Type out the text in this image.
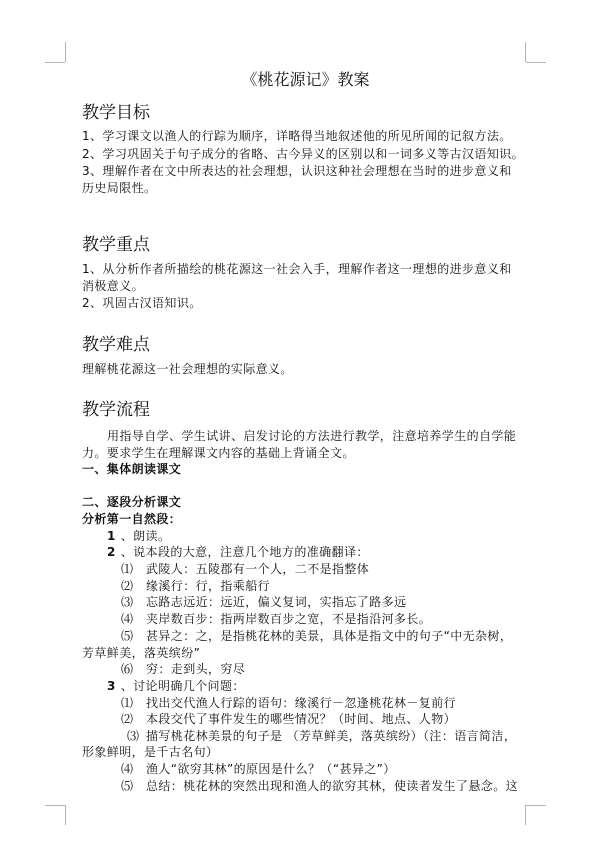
《桃花源记》教案
教学目标
1、学习课文以渔人的行踪为顺序，详略得当地叙述他的所见所闻的记叙方法。
2、学习巩固关于句子成分的省略、古今异义的区别以和一词多义等古汉语知识。
3、理解作者在文中所表达的社会理想，认识这种社会理想在当时的进步意义和
历史局限性。
教学重点
1、从分析作者所描绘的桃花源这一社会入手，理解作者这一理想的进步意义和
消极意义。
2、巩固古汉语知识。
教学难点
理解桃花源这一社会理想的实际意义。
教学流程
用指导自学、学生试讲、启发讨论的方法进行教学，注意培养学生的自学能
力。要求学生在理解课文内容的基础上背诵全文。
一、集体朗读课文
二、逐段分析课文
分析第一自然段：
1 、朗读。
2 、说本段的大意，注意几个地方的准确翻译：
⑴ 武陵人：五陵郡有一个人，二不是指整体
⑵ 缘溪行：行，指乘船行
⑶ 忘路志远近：远近，偏义复词，实指忘了路多远
⑷ 夹岸数百步：指两岸数百步之宽，不是指沿河多长。
⑸ 甚异之：之，是指桃花林的美景，具体是指文中的句子“中无杂树，
芳草鲜美，落英缤纷”
⑹ 穷：走到头，穷尽
3 、讨论明确几个问题：
⑴ 找出交代渔人行踪的语句：缘溪行－忽逢桃花林－复前行
⑵ 本段交代了事件发生的哪些情况？（时间、地点、人物）
⑶ 描写桃花林美景的句子是 （芳草鲜美，落英缤纷）（注：语言简洁，
形象鲜明，是千古名句）
⑷ 渔人“欲穷其林”的原因是什么？（“甚异之”）
⑸ 总结：桃花林的突然出现和渔人的欲穷其林，使读者发生了悬念。这
